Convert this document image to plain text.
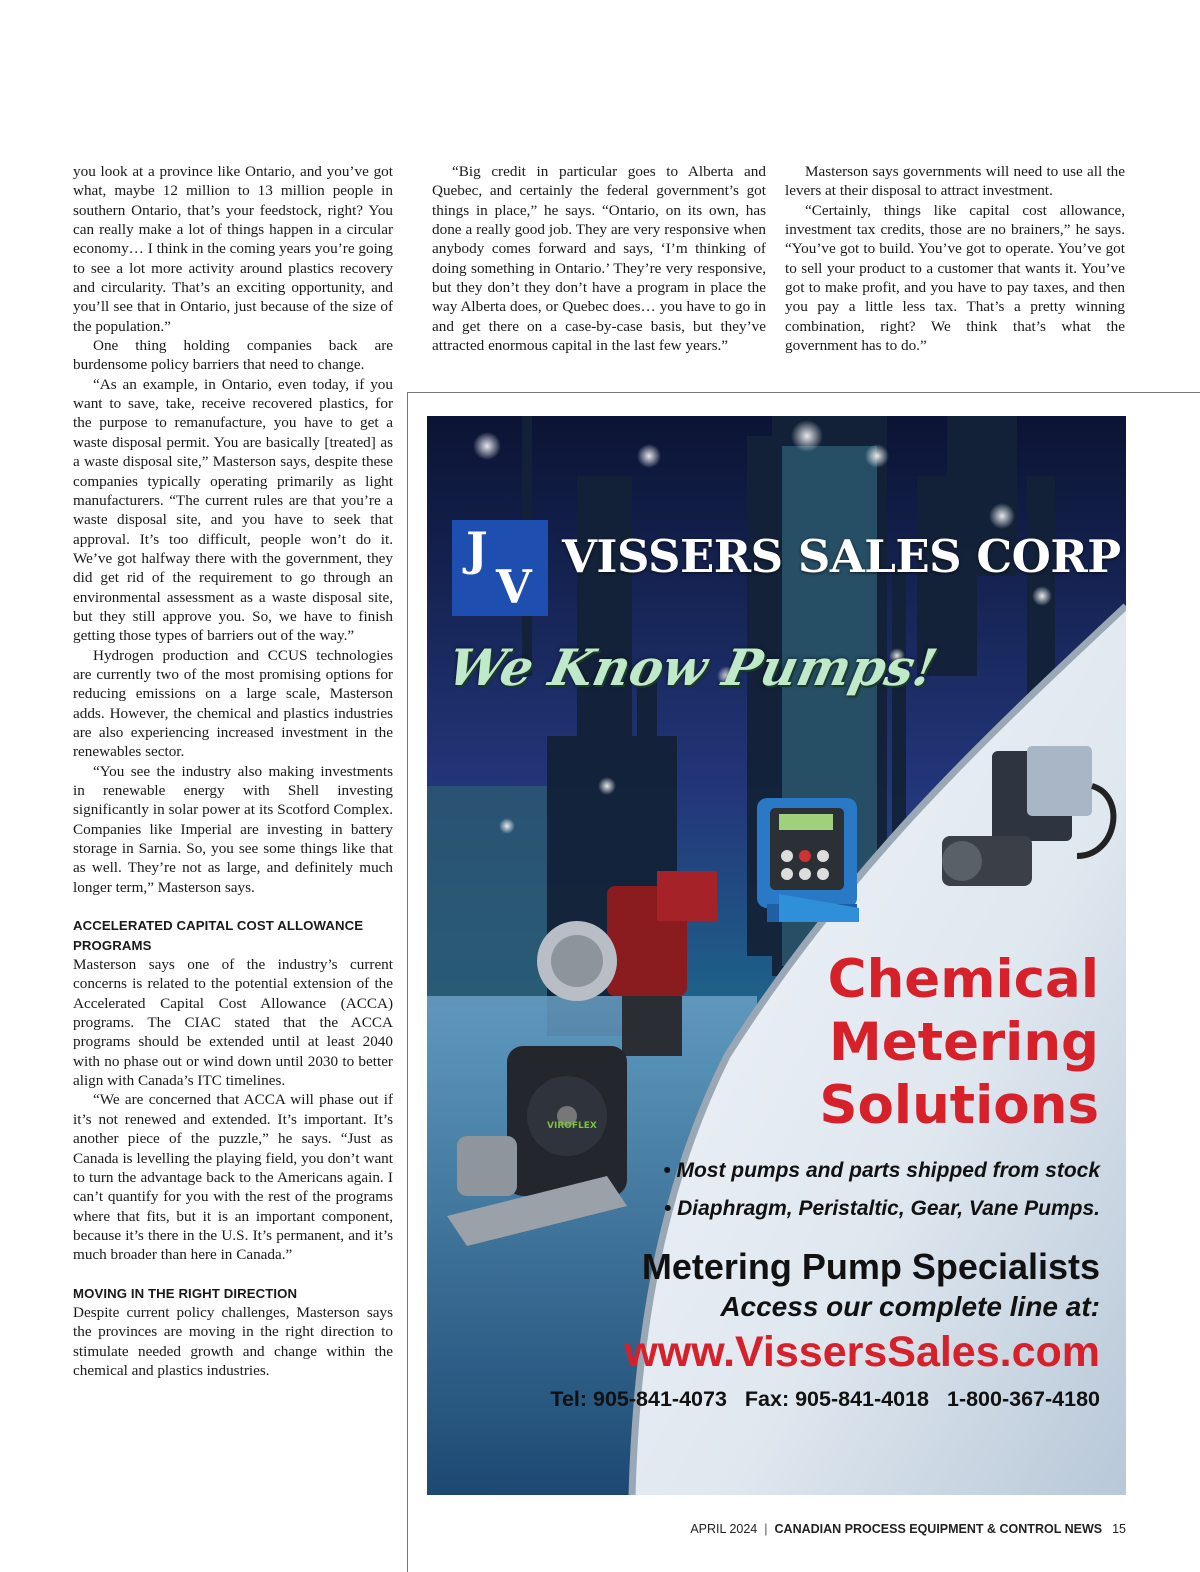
you look at a province like Ontario, and you’ve got what, maybe 12 million to 13 million people in southern Ontario, that’s your feedstock, right? You can really make a lot of things happen in a circular economy… I think in the coming years you’re going to see a lot more activity around plastics recovery and circularity. That’s an exciting opportunity, and you’ll see that in Ontario, just because of the size of the population.”

One thing holding companies back are burdensome policy barriers that need to change.

“As an example, in Ontario, even today, if you want to save, take, receive recovered plastics, for the purpose to remanufacture, you have to get a waste disposal permit. You are basically [treated] as a waste disposal site,” Masterson says, despite these companies typically operating primarily as light manufacturers. “The current rules are that you’re a waste disposal site, and you have to seek that approval. It’s too difficult, people won’t do it. We’ve got halfway there with the government, they did get rid of the requirement to go through an environmental assessment as a waste disposal site, but they still approve you. So, we have to finish getting those types of barriers out of the way.”

Hydrogen production and CCUS technologies are currently two of the most promising options for reducing emissions on a large scale, Masterson adds. However, the chemical and plastics industries are also experiencing increased investment in the renewables sector.

“You see the industry also making investments in renewable energy with Shell investing significantly in solar power at its Scotford Complex. Companies like Imperial are investing in battery storage in Sarnia. So, you see some things like that as well. They’re not as large, and definitely much longer term,” Masterson says.

ACCELERATED CAPITAL COST ALLOWANCE PROGRAMS

Masterson says one of the industry’s current concerns is related to the potential extension of the Accelerated Capital Cost Allowance (ACCA) programs. The CIAC stated that the ACCA programs should be extended until at least 2040 with no phase out or wind down until 2030 to better align with Canada’s ITC timelines.

“We are concerned that ACCA will phase out if it’s not renewed and extended. It’s important. It’s another piece of the puzzle,” he says. “Just as Canada is levelling the playing field, you don’t want to turn the advantage back to the Americans again. I can’t quantify for you with the rest of the programs where that fits, but it is an important component, because it’s there in the U.S. It’s permanent, and it’s much broader than here in Canada.”

MOVING IN THE RIGHT DIRECTION

Despite current policy challenges, Masterson says the provinces are moving in the right direction to stimulate needed growth and change within the chemical and plastics industries.

“Big credit in particular goes to Alberta and Quebec, and certainly the federal government’s got things in place,” he says. “Ontario, on its own, has done a really good job. They are very responsive when anybody comes forward and says, ‘I’m thinking of doing something in Ontario.’ They’re very responsive, but they don’t they don’t have a program in place the way Alberta does, or Quebec does… you have to go in and get there on a case-by-case basis, but they’ve attracted enormous capital in the last few years.”

Masterson says governments will need to use all the levers at their disposal to attract investment.

“Certainly, things like capital cost allowance, investment tax credits, those are no brainers,” he says. “You’ve got to build. You’ve got to operate. You’ve got to sell your product to a customer that wants it. You’ve got to make profit, and you have to pay taxes, and then you pay a little less tax. That’s a pretty winning combination, right? We think that’s what the government has to do.”

VIROFLEX
J
V
VISSERS SALES CORP
We Know Pumps!
Chemical
Metering
Solutions
• Most pumps and parts shipped from stock
• Diaphragm, Peristaltic, Gear, Vane Pumps.
Metering Pump Specialists
Access our complete line at:
www.VissersSales.com
Tel: 905-841-4073 Fax: 905-841-4018 1-800-367-4180
APRIL 2024 | CANADIAN PROCESS EQUIPMENT & CONTROL NEWS 15
